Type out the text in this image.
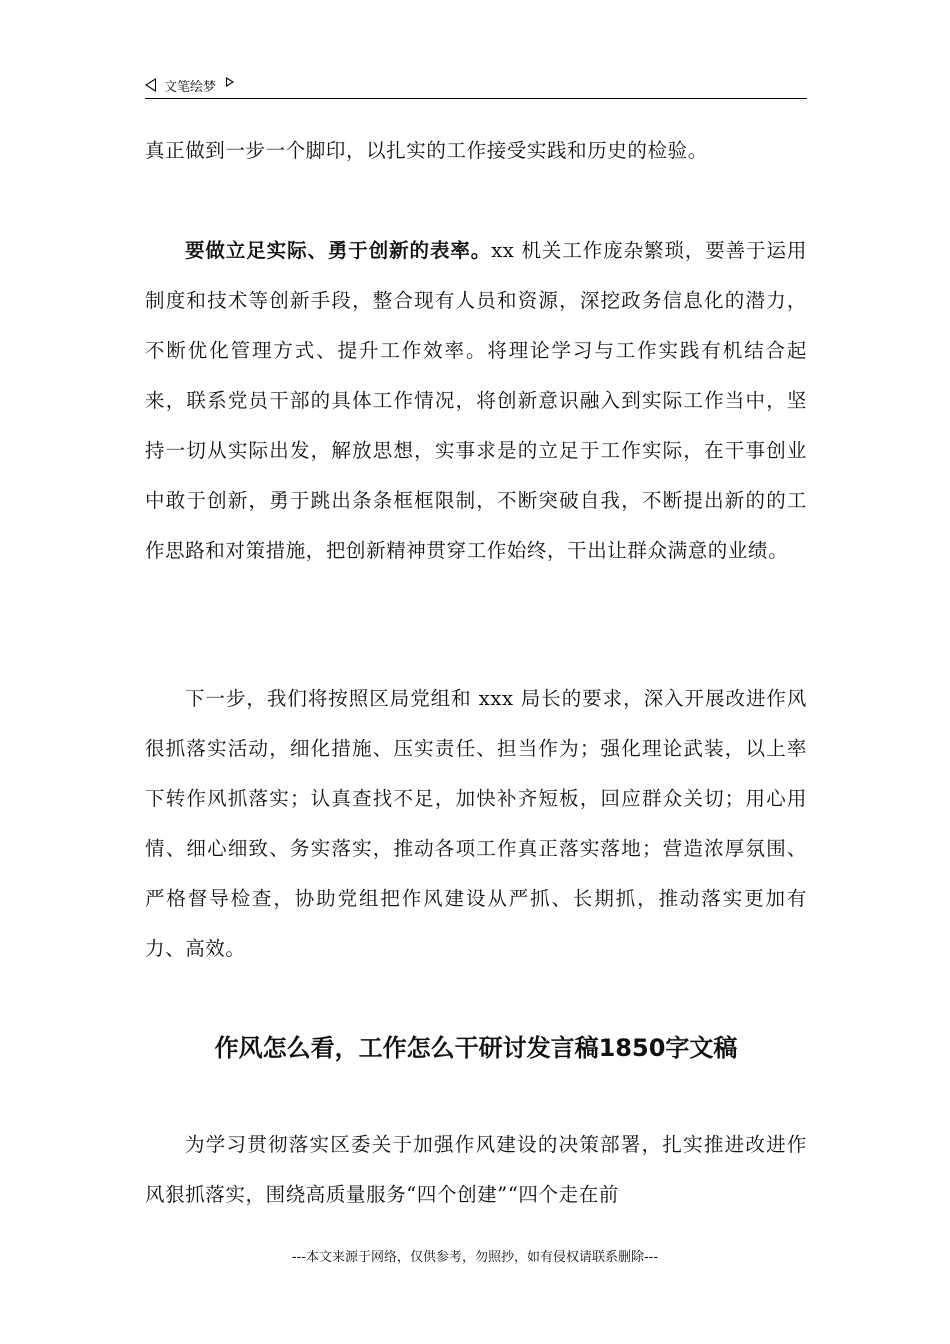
文笔绘梦

真正做到一步一个脚印，以扎实的工作接受实践和历史的检验。

要做立足实际、勇于创新的表率。xx 机关工作庞杂繁琐，要善于运用制度和技术等创新手段，整合现有人员和资源，深挖政务信息化的潜力，不断优化管理方式、提升工作效率。将理论学习与工作实践有机结合起来，联系党员干部的具体工作情况，将创新意识融入到实际工作当中，坚持一切从实际出发，解放思想，实事求是的立足于工作实际，在干事创业中敢于创新，勇于跳出条条框框限制，不断突破自我，不断提出新的的工作思路和对策措施，把创新精神贯穿工作始终，干出让群众满意的业绩。

下一步，我们将按照区局党组和 xxx 局长的要求，深入开展改进作风很抓落实活动，细化措施、压实责任、担当作为；强化理论武装，以上率下转作风抓落实；认真查找不足，加快补齐短板，回应群众关切；用心用情、细心细致、务实落实，推动各项工作真正落实落地；营造浓厚氛围、严格督导检查，协助党组把作风建设从严抓、长期抓，推动落实更加有力、高效。

作风怎么看，工作怎么干研讨发言稿1850字文稿

为学习贯彻落实区委关于加强作风建设的决策部署，扎实推进改进作风狠抓落实，围绕高质量服务“四个创建”“四个走在前

---本文来源于网络，仅供参考，勿照抄，如有侵权请联系删除---
